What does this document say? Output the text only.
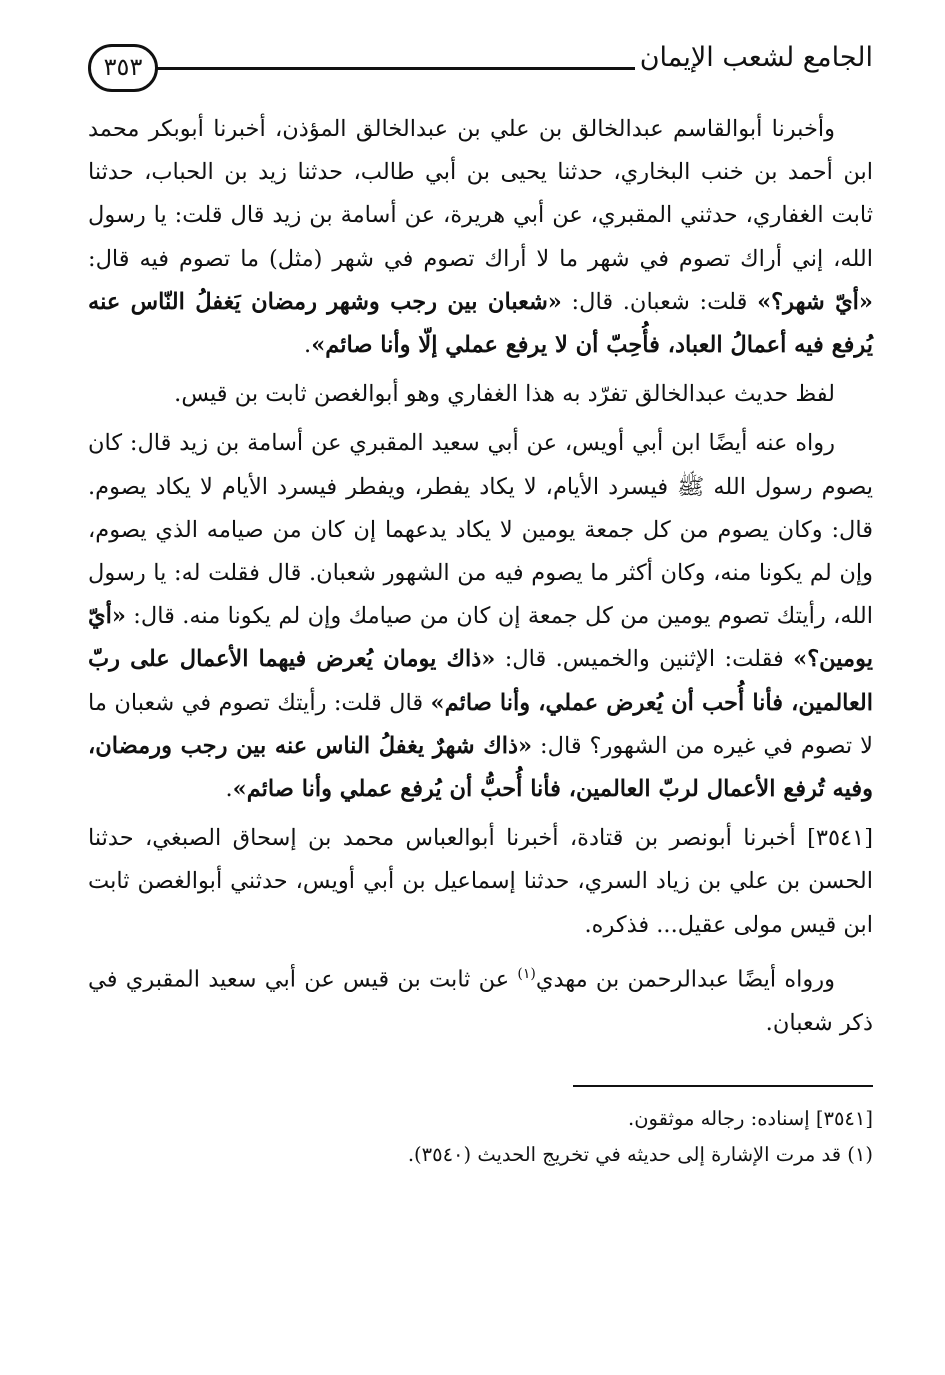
الجامع لشعب الإيمان
٣٥٣

وأخبرنا أبوالقاسم عبدالخالق بن علي بن عبدالخالق المؤذن، أخبرنا أبوبكر محمد ابن أحمد بن خنب البخاري، حدثنا يحيى بن أبي طالب، حدثنا زيد بن الحباب، حدثنا ثابت الغفاري، حدثني المقبري، عن أبي هريرة، عن أسامة بن زيد قال قلت: يا رسول الله، إني أراك تصوم في شهر ما لا أراك تصوم في شهر (مثل) ما تصوم فيه قال: «أيّ شهر؟» قلت: شعبان. قال: «شعبان بين رجب وشهر رمضان يَغفلُ النّاس عنه يُرفع فيه أعمالُ العباد، فأُحِبّ أن لا يرفع عملي إلّا وأنا صائم».

لفظ حديث عبدالخالق تفرّد به هذا الغفاري وهو أبوالغصن ثابت بن قيس.

رواه عنه أيضًا ابن أبي أويس، عن أبي سعيد المقبري عن أسامة بن زيد قال: كان يصوم رسول الله ﷺ فيسرد الأيام، لا يكاد يفطر، ويفطر فيسرد الأيام لا يكاد يصوم. قال: وكان يصوم من كل جمعة يومين لا يكاد يدعهما إن كان من صيامه الذي يصوم، وإن لم يكونا منه، وكان أكثر ما يصوم فيه من الشهور شعبان. قال فقلت له: يا رسول الله، رأيتك تصوم يومين من كل جمعة إن كان من صيامك وإن لم يكونا منه. قال: «أيّ يومين؟» فقلت: الإثنين والخميس. قال: «ذاك يومان يُعرض فيهما الأعمال على ربّ العالمين، فأنا أُحب أن يُعرض عملي، وأنا صائم» قال قلت: رأيتك تصوم في شعبان ما لا تصوم في غيره من الشهور؟ قال: «ذاك شهرٌ يغفلُ الناس عنه بين رجب ورمضان، وفيه تُرفع الأعمال لربّ العالمين، فأنا أُحبُّ أن يُرفع عملي وأنا صائم».

[٣٥٤١] أخبرنا أبونصر بن قتادة، أخبرنا أبوالعباس محمد بن إسحاق الصبغي، حدثنا الحسن بن علي بن زياد السري، حدثنا إسماعيل بن أبي أويس، حدثني أبوالغصن ثابت ابن قيس مولى عقيل... فذكره.

ورواه أيضًا عبدالرحمن بن مهدي$^{(١)}$ عن ثابت بن قيس عن أبي سعيد المقبري في ذكر شعبان.

[٣٥٤١] إسناده: رجاله موثقون.
(١) قد مرت الإشارة إلى حديثه في تخريج الحديث (٣٥٤٠).
